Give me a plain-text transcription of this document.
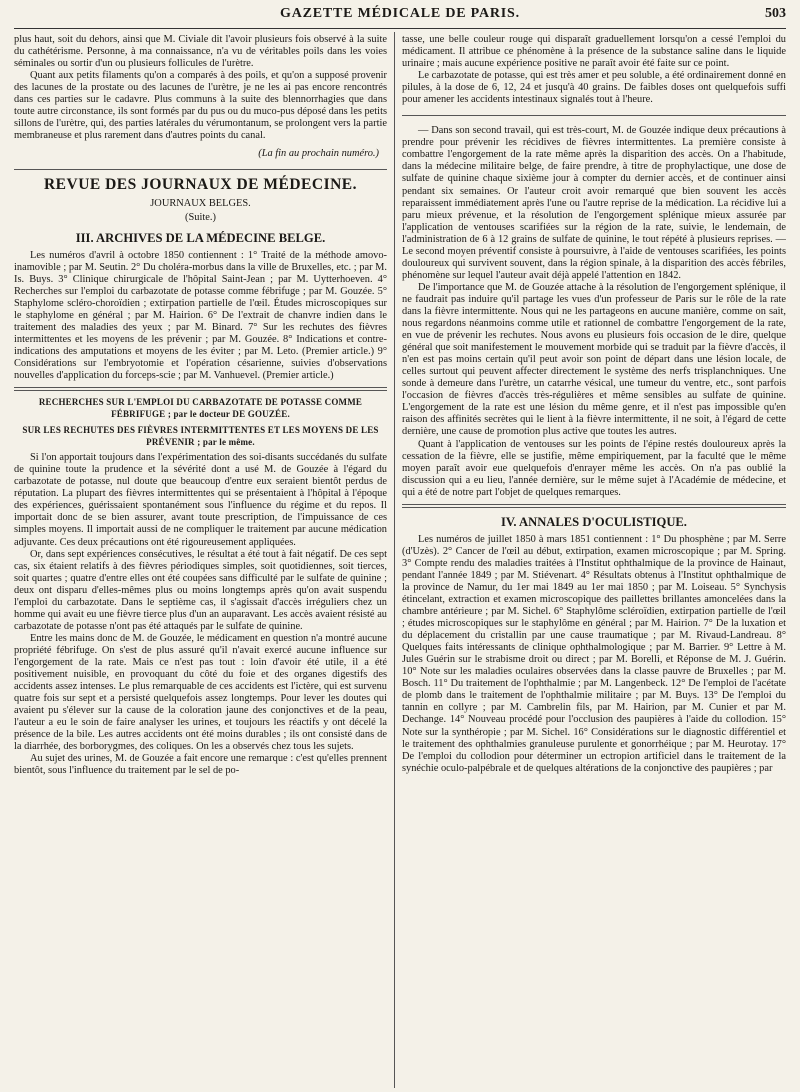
GAZETTE MÉDICALE DE PARIS.	503

plus haut, soit du dehors, ainsi que M. Civiale dit l'avoir plusieurs fois observé à la suite du cathétérisme. Personne, à ma connaissance, n'a vu de véritables poils dans les voies séminales ou sortir d'un ou plusieurs follicules de l'urètre.

Quant aux petits filaments qu'on a comparés à des poils, et qu'on a supposé provenir des lacunes de la prostate ou des lacunes de l'urètre, je ne les ai pas encore rencontrés dans ces parties sur le cadavre. Plus communs à la suite des blennorrhagies que dans toute autre circonstance, ils sont formés par du pus ou du muco-pus déposé dans les petits sillons de l'urètre, qui, des parties latérales du vérumontanum, se prolongent vers la partie membraneuse et plus rarement dans d'autres points du canal.

(La fin au prochain numéro.)
REVUE DES JOURNAUX DE MÉDECINE.

JOURNAUX BELGES.

(Suite.)

III. ARCHIVES DE LA MÉDECINE BELGE.

Les numéros d'avril à octobre 1850 contiennent : 1° Traité de la méthode amovo-inamovible ; par M. Seutin. 2° Du choléra-morbus dans la ville de Bruxelles, etc. ; par M. Is. Buys. 3° Clinique chirurgicale de l'hôpital Saint-Jean ; par M. Uytterhoeven. 4° Recherches sur l'emploi du carbazotate de potasse comme fébrifuge ; par M. Gouzée. 5° Staphylome scléro-choroïdien ; extirpation partielle de l'œil. Études microscopiques sur le staphylome en général ; par M. Hairion. 6° De l'extrait de chanvre indien dans le traitement des maladies des yeux ; par M. Binard. 7° Sur les rechutes des fièvres intermittentes et les moyens de les prévenir ; par M. Gouzée. 8° Indications et contre-indications des amputations et moyens de les éviter ; par M. Leto. (Premier article.) 9° Considérations sur l'embryotomie et l'opération césarienne, suivies d'observations nouvelles d'application du forceps-scie ; par M. Vanhuevel. (Premier article.)

RECHERCHES SUR L'EMPLOI DU CARBAZOTATE DE POTASSE COMME FÉBRIFUGE ; par le docteur DE GOUZÉE.
SUR LES RECHUTES DES FIÈVRES INTERMITTENTES ET LES MOYENS DE LES PRÉVENIR ; par le même.

Si l'on apportait toujours dans l'expérimentation des soi-disants succédanés du sulfate de quinine toute la prudence et la sévérité dont a usé M. de Gouzée à l'égard du carbazotate de potasse, nul doute que beaucoup d'entre eux seraient bientôt perdus de réputation. La plupart des fièvres intermittentes qui se présentaient à l'hôpital à l'époque des expériences, guérissaient spontanément sous l'influence du régime et du repos. Il importait donc de se bien assurer, avant toute prescription, de l'impuissance de ces simples moyens. Il importait aussi de ne compliquer le traitement par aucune médication adjuvante. Ces deux précautions ont été rigoureusement appliquées.

Or, dans sept expériences consécutives, le résultat a été tout à fait négatif. De ces sept cas, six étaient relatifs à des fièvres périodiques simples, soit quotidiennes, soit tierces, soit quartes ; quatre d'entre elles ont été coupées sans difficulté par le sulfate de quinine ; deux ont disparu d'elles-mêmes plus ou moins longtemps après qu'on avait suspendu l'emploi du carbazotate. Dans le septième cas, il s'agissait d'accès irréguliers chez un homme qui avait eu une fièvre tierce plus d'un an auparavant. Les accès avaient résisté au carbazotate de potasse n'ont pas été attaqués par le sulfate de quinine.

Entre les mains donc de M. de Gouzée, le médicament en question n'a montré aucune propriété fébrifuge. On s'est de plus assuré qu'il n'avait exercé aucune influence sur l'engorgement de la rate. Mais ce n'est pas tout : loin d'avoir été utile, il a été positivement nuisible, en provoquant du côté du foie et des organes digestifs des accidents assez intenses. Le plus remarquable de ces accidents est l'ictère, qui est survenu quatre fois sur sept et a persisté quelquefois assez longtemps. Pour lever les doutes qui avaient pu s'élever sur la cause de la coloration jaune des conjonctives et de la peau, l'auteur a eu le soin de faire analyser les urines, et toujours les réactifs y ont décelé la présence de la bile. Les autres accidents ont été moins durables ; ils ont consisté dans de la diarrhée, des borborygmes, des coliques. On les a observés chez tous les sujets.

Au sujet des urines, M. de Gouzée a fait encore une remarque : c'est qu'elles prennent bientôt, sous l'influence du traitement par le sel de po-

tasse, une belle couleur rouge qui disparaît graduellement lorsqu'on a cessé l'emploi du médicament. Il attribue ce phénomène à la présence de la substance saline dans le liquide urinaire ; mais aucune expérience positive ne paraît avoir été faite sur ce point.

Le carbazotate de potasse, qui est très amer et peu soluble, a été ordinairement donné en pilules, à la dose de 6, 12, 24 et jusqu'à 40 grains. De faibles doses ont quelquefois suffi pour amener les accidents intestinaux signalés tout à l'heure.

— Dans son second travail, qui est très-court, M. de Gouzée indique deux précautions à prendre pour prévenir les récidives de fièvres intermittentes. La première consiste à combattre l'engorgement de la rate même après la disparition des accès. On a l'habitude, dans la médecine militaire belge, de faire prendre, à titre de prophylactique, une dose de sulfate de quinine chaque sixième jour à compter du dernier accès, et de continuer ainsi pendant six semaines. Or l'auteur croit avoir remarqué que bien souvent les accès reparaissent immédiatement après l'une ou l'autre reprise de la médication. La récidive lui a paru mieux prévenue, et la résolution de l'engorgement splénique mieux assurée par l'application de ventouses scarifiées sur la région de la rate, suivie, le lendemain, de l'administration de 6 à 12 grains de sulfate de quinine, le tout répété à plusieurs reprises. — Le second moyen préventif consiste à poursuivre, à l'aide de ventouses scarifiées, les points douloureux qui survivent souvent, dans la région spinale, à la disparition des accès fébriles, phénomène sur lequel l'auteur avait déjà appelé l'attention en 1842.

De l'importance que M. de Gouzée attache à la résolution de l'engorgement splénique, il ne faudrait pas induire qu'il partage les vues d'un professeur de Paris sur le rôle de la rate dans la fièvre intermittente. Nous qui ne les partageons en aucune manière, comme on sait, nous regardons néanmoins comme utile et rationnel de combattre l'engorgement de la rate, en vue de prévenir les rechutes. Nous avons eu plusieurs fois occasion de le dire, quelque général que soit manifestement le mouvement morbide qui se traduit par la fièvre d'accès, il n'en est pas moins certain qu'il peut avoir son point de départ dans une lésion locale, de celles surtout qui peuvent affecter directement le système des nerfs trisplanchniques. Une sonde à demeure dans l'urètre, un catarrhe vésical, une tumeur du ventre, etc., sont parfois l'occasion de fièvres d'accès très-régulières et même sensibles au sulfate de quinine. L'engorgement de la rate est une lésion du même genre, et il n'est pas impossible qu'en raison des affinités secrètes qui le lient à la fièvre intermittente, il ne soit, à l'égard de cette dernière, une cause de promotion plus active que toutes les autres.

Quant à l'application de ventouses sur les points de l'épine restés douloureux après la cessation de la fièvre, elle se justifie, même empiriquement, par la faculté que le même moyen paraît avoir eue quelquefois d'enrayer même les accès. On n'a pas oublié la discussion qui a eu lieu, l'année dernière, sur le même sujet à l'Académie de médecine, et qui a été de notre part l'objet de quelques remarques.

IV. ANNALES D'OCULISTIQUE.

Les numéros de juillet 1850 à mars 1851 contiennent : 1° Du phosphène ; par M. Serre (d'Uzès). 2° Cancer de l'œil au début, extirpation, examen microscopique ; par M. Spring. 3° Compte rendu des maladies traitées à l'Institut ophthalmique de la province de Hainaut, pendant l'année 1849 ; par M. Stiévenart. 4° Résultats obtenus à l'Institut ophthalmique de la province de Namur, du 1er mai 1849 au 1er mai 1850 ; par M. Loiseau. 5° Synchysis étincelant, extraction et examen microscopique des paillettes brillantes amoncelées dans la chambre antérieure ; par M. Sichel. 6° Staphylôme scléroïdien, extirpation partielle de l'œil ; études microscopiques sur le staphylôme en général ; par M. Hairion. 7° De la luxation et du déplacement du cristallin par une cause traumatique ; par M. Rivaud-Landreau. 8° Quelques faits intéressants de clinique ophthalmologique ; par M. Barrier. 9° Lettre à M. Jules Guérin sur le strabisme droit ou direct ; par M. Borelli, et Réponse de M. J. Guérin. 10° Note sur les maladies oculaires observées dans la classe pauvre de Bruxelles ; par M. Bosch. 11° Du traitement de l'ophthalmie ; par M. Langenbeck. 12° De l'emploi de l'acétate de plomb dans le traitement de l'ophthalmie militaire ; par M. Buys. 13° De l'emploi du tannin en collyre ; par M. Cambrelin fils, par M. Hairion, par M. Cunier et par M. Dechange. 14° Nouveau procédé pour l'occlusion des paupières à l'aide du collodion. 15° Note sur la synthéropie ; par M. Sichel. 16° Considérations sur le diagnostic différentiel et le traitement des ophthalmies granuleuse purulente et gonorrhéique ; par M. Heurotay. 17° De l'emploi du collodion pour déterminer un ectropion artificiel dans le traitement de la synéchie oculo-palpébrale et de quelques altérations de la conjonctive des paupières ; par
